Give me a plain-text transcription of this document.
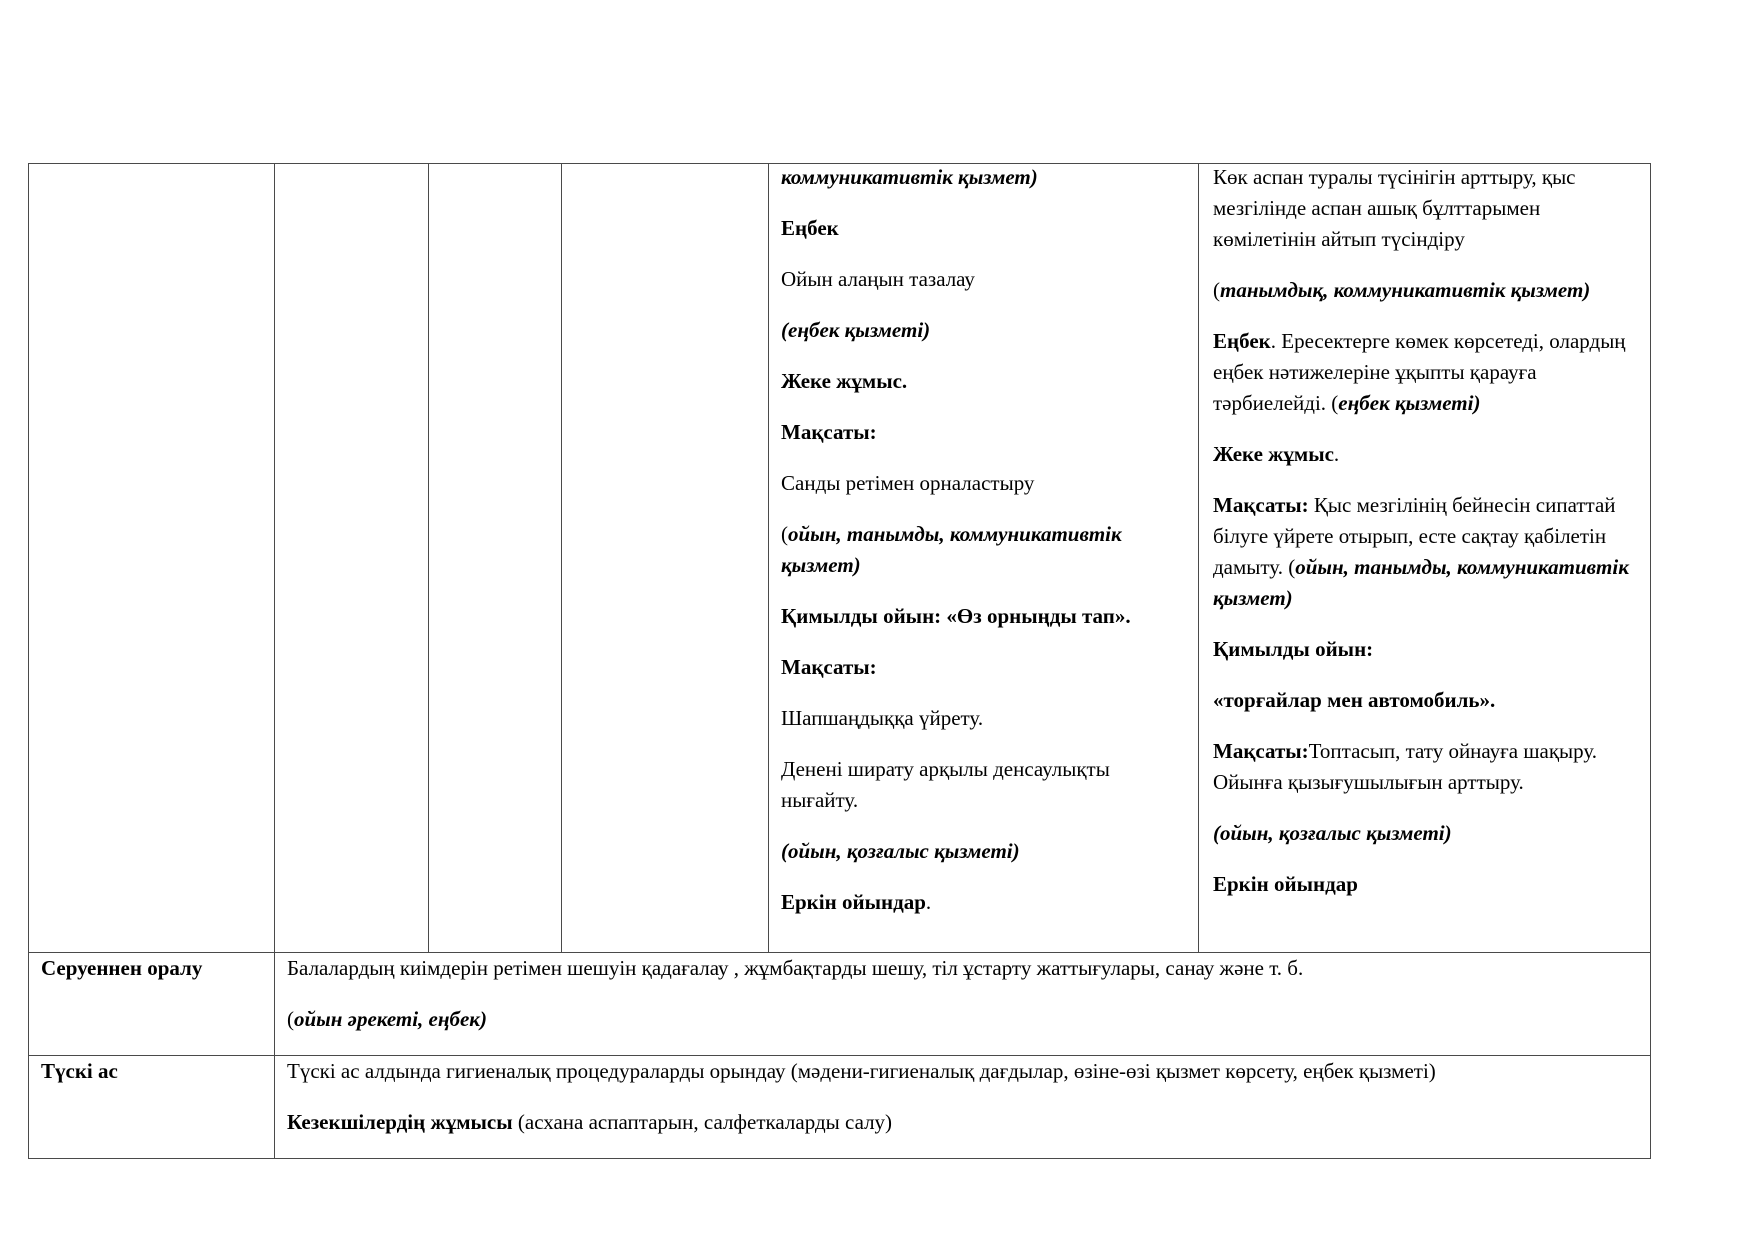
коммуникативтік қызмет)

Еңбек

Ойын алаңын тазалау

(еңбек қызметі)

Жеке жұмыс.

Мақсаты:

Санды ретімен орналастыру

(ойын, танымды, коммуникативтік қызмет)

Қимылды ойын: «Өз орныңды тап».

Мақсаты:

Шапшаңдыққа үйрету.

Денені ширату арқылы денсаулықты нығайту.

(ойын, қозғалыс қызметі)

Еркін ойындар.

Көк аспан туралы түсінігін арттыру, қыс мезгілінде аспан ашық бұлттарымен көмілетінін айтып түсіндіру

(танымдық, коммуникативтік қызмет)

Еңбек. Ересектерге көмек көрсетеді, олардың еңбек нәтижелеріне ұқыпты қарауға тәрбиелейді. (еңбек қызметі)

Жеке жұмыс.

Мақсаты: Қыс мезгілінің бейнесін сипаттай білуге үйрете отырып, есте сақтау қабілетін дамыту. (ойын, танымды, коммуникативтік қызмет)

Қимылды ойын:

«торғайлар мен автомобиль».

Мақсаты:Топтасып, тату ойнауға шақыру. Ойынға қызығушылығын арттыру.

(ойын, қозғалыс қызметі)

Еркін ойындар

Серуеннен оралу	Балалардың киімдерін ретімен шешуін қадағалау , жұмбақтарды шешу, тіл ұстарту жаттығулары, санау және т. б.

(ойын әрекеті, еңбек)

Түскі ас	Түскі ас алдында гигиеналық процедураларды орындау (мәдени-гигиеналық дағдылар, өзіне-өзі қызмет көрсету, еңбек қызметі)

Кезекшілердің жұмысы (асхана аспаптарын, салфеткаларды салу)
